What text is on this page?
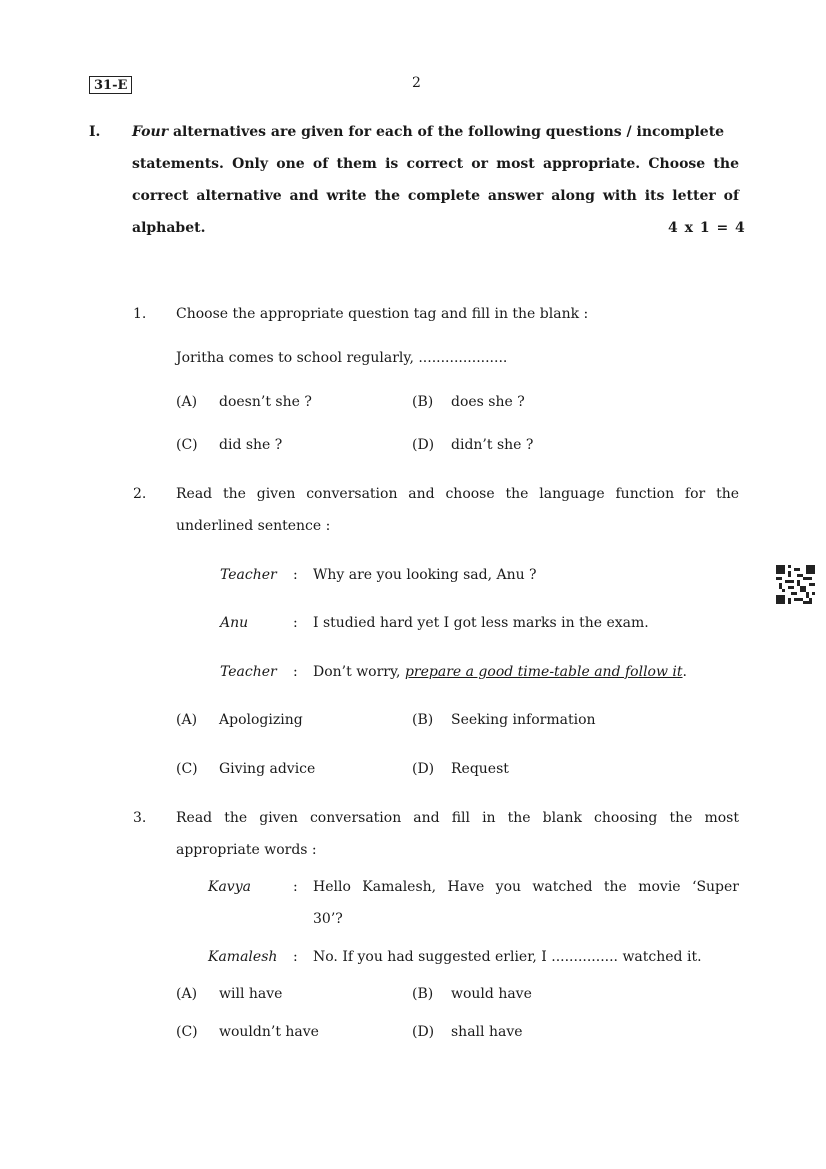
31-E	2
I. Four alternatives are given for each of the following questions / incomplete
statements. Only one of them is correct or most appropriate. Choose the
correct alternative and write the complete answer along with its letter of
alphabet.	4 x 1 = 4
1. Choose the appropriate question tag and fill in the blank :
Joritha comes to school regularly, ....................
(A) doesn’t she ?	(B) does she ?
(C) did she ?	(D) didn’t she ?
2. Read the given conversation and choose the language function for the
underlined sentence :
Teacher : Why are you looking sad, Anu ?
Anu	: I studied hard yet I got less marks in the exam.
Teacher : Don’t worry, prepare a good time-table and follow it.
(A) Apologizing	(B) Seeking information
(C) Giving advice	(D) Request
3. Read the given conversation and fill in the blank choosing the most
appropriate words :
Kavya	: Hello Kamalesh, Have you watched the movie ‘Super
30’?
Kamalesh : No. If you had suggested erlier, I ............... watched it.
(A) will have	(B) would have
(C) wouldn’t have	(D) shall have
